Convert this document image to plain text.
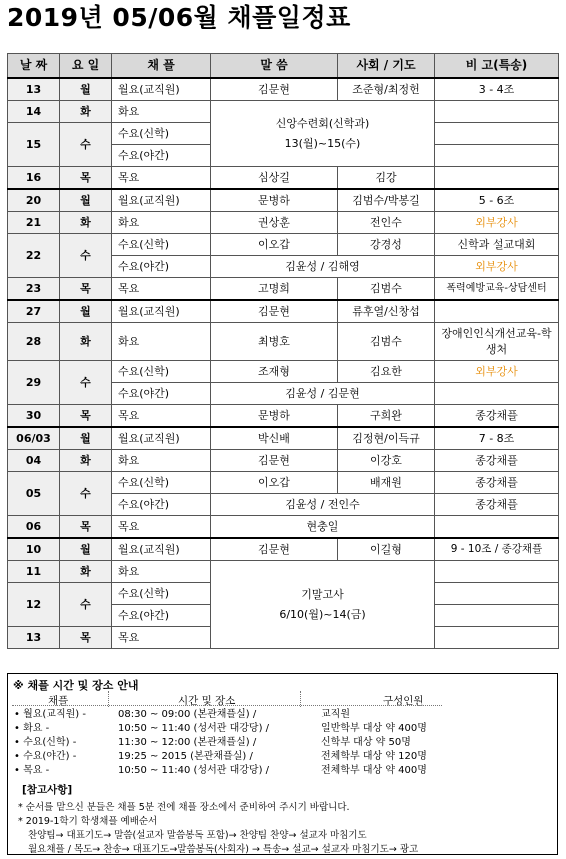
2019년 05/06월 채플일정표
날 짜	요 일	채 플	말 씀	사회 / 기도	비 고(특송)
13	월	월요(교직원)	김문현	조준형/최정헌	3 - 4조
14	화	화요	신앙수련회(신학과)
13(월)~15(수)		

15	수	수요(신학)			
		수요(야간)			
16	목	목요	심상길	김강	
20	월	월요(교직원)	문병하	김범수/박봉길	5 - 6조
21	화	화요	권상훈	전인수	외부강사
22	수	수요(신학)	이오갑	강경성	신학과 설교대회
		수요(야간)	김윤성 / 김해영		외부강사
23	목	목요	고명희	김범수	폭력예방교육-상담센터
27	월	월요(교직원)	김문현	류후열/신창섭	
28	화	화요	최병호	김범수	장애인인식개선교육-학생처
29	수	수요(신학)	조재형	김요한	외부강사
		수요(야간)	김윤성 / 김문현		
30	목	목요	문병하	구희완	종강채플
06/03	월	월요(교직원)	박신배	김정현/이득규	7 - 8조
04	화	화요	김문현	이강호	종강채플
05	수	수요(신학)	이오갑	배재원	종강채플
		수요(야간)	김윤성 / 전인수		종강채플
06	목	목요	현충일		
10	월	월요(교직원)	김문현	이길형	9 - 10조 / 종강채플
11	화	화요	기말고사
6/10(월)~14(금)		

12	수	수요(신학)			
		수요(야간)			
13	목	목요			
※ 채플 시간 및 장소 안내
채플	시간 및 장소	구성인원
• 월요(교직원) -	08:30 ~ 09:00 (본관채플실) /	교직원
• 화요 -	10:50 ~ 11:40 (성서관 대강당) /	일반학부 대상 약 400명
• 수요(신학) -	11:30 ~ 12:00 (본관채플실) /	신학부 대상 약 50명
• 수요(야간) -	19:25 ~ 2015 (본관채플실) /	전체학부 대상 약 120명
• 목요 -	10:50 ~ 11:40 (성서관 대강당) /	전체학부 대상 약 400명
[참고사항]
* 순서를 맡으신 분들은 채플 5분 전에 채플 장소에서 준비하여 주시기 바랍니다.
* 2019-1학기 학생채플 예배순서
찬양팀→ 대표기도→ 말씀(설교자 말씀봉독 포함)→ 찬양팀 찬양→ 설교자 마침기도
월요채플 / 목도→ 찬송→ 대표기도→말씀봉독(사회자) → 특송→ 설교→ 설교자 마침기도→ 광고
